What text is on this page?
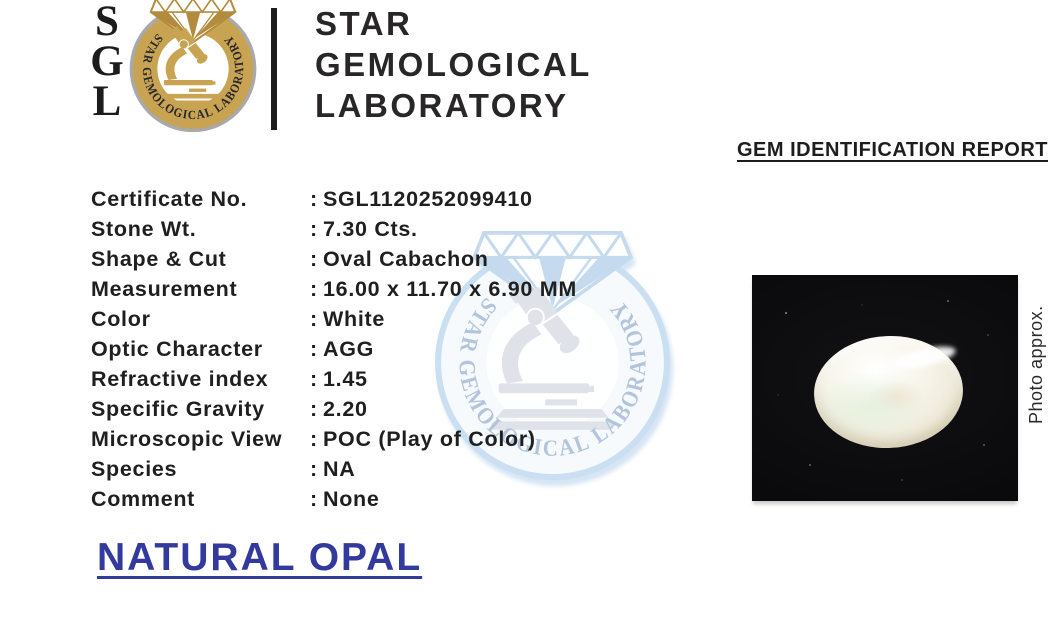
S
G
L
STAR
GEMOLOGICAL
LABORATORY
GEM IDENTIFICATION REPORT
Certificate No.	: SGL1120252099410
Stone Wt.	: 7.30 Cts.
Shape & Cut	: Oval Cabachon
Measurement	: 16.00 x 11.70 x 6.90 MM
Color	: White
Optic Character	: AGG
Refractive index	: 1.45
Specific Gravity	: 2.20
Microscopic View	: POC (Play of Color)
Species	: NA
Comment	: None
Photo approx.
NATURAL OPAL
